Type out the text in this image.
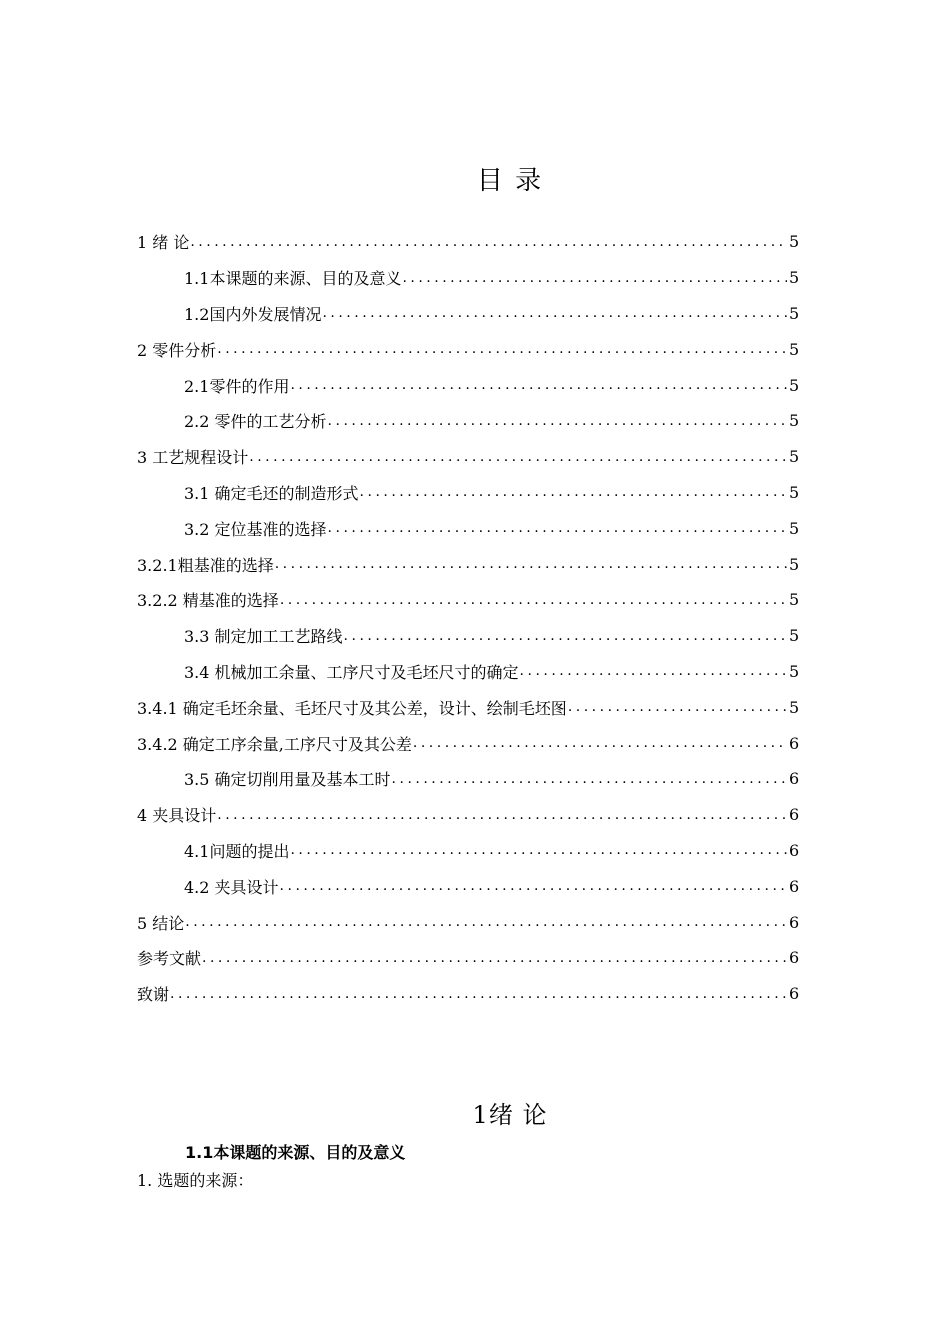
目 录
1 绪 论 .....	5
1.1本课题的来源、目的及意义 .....	5
1.2国内外发展情况 .....	5
2 零件分析 .....	5
2.1零件的作用 .....	5
2.2 零件的工艺分析 .....	5
3 工艺规程设计 .....	5
3.1 确定毛还的制造形式 .....	5
3.2 定位基准的选择 .....	5
3.2.1粗基准的选择 .....	5
3.2.2 精基准的选择 .....	5
3.3 制定加工工艺路线 .....	5
3.4 机械加工余量、工序尺寸及毛坯尺寸的确定 .....	5
3.4.1 确定毛坯余量、毛坯尺寸及其公差，设计、绘制毛坯图 .....	5
3.4.2 确定工序余量,工序尺寸及其公差 .....	6
3.5 确定切削用量及基本工时 .....	6
4 夹具设计 .....	6
4.1问题的提出 .....	6
4.2 夹具设计 .....	6
5 结论 .....	6
参考文献 .....	6
致谢 .....	6
1绪 论
1.1本课题的来源、目的及意义
1. 选题的来源：
